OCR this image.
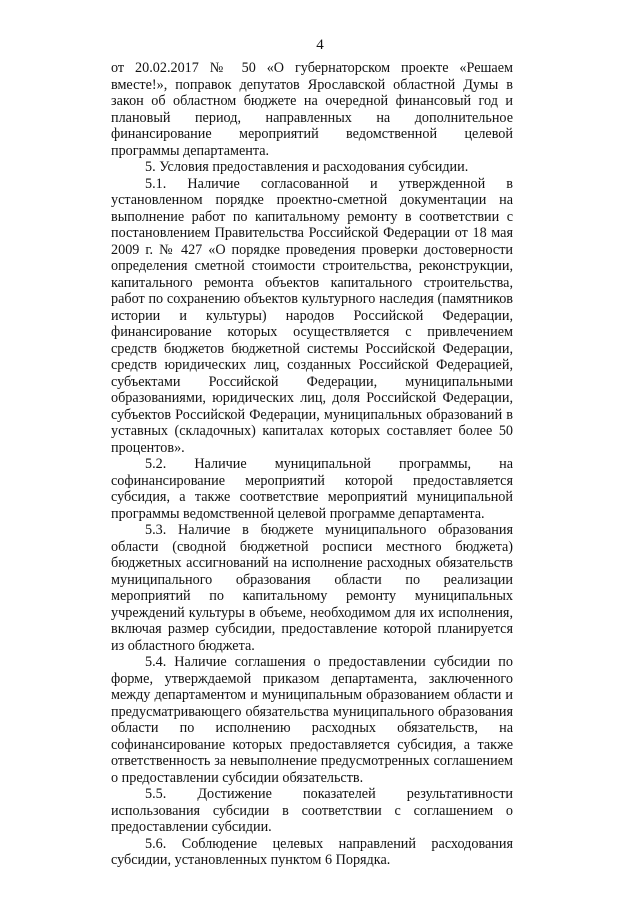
4

от 20.02.2017 № 50 «О губернаторском проекте «Решаем вместе!», поправок депутатов Ярославской областной Думы в закон об областном бюджете на очередной финансовый год и плановый период, направленных на дополнительное финансирование мероприятий ведомственной целевой программы департамента.

5. Условия предоставления и расходования субсидии.

5.1. Наличие согласованной и утвержденной в установленном порядке проектно-сметной документации на выполнение работ по капитальному ремонту в соответствии с постановлением Правительства Российской Федерации от 18 мая 2009 г. № 427 «О порядке проведения проверки достоверности определения сметной стоимости строительства, реконструкции, капитального ремонта объектов капитального строительства, работ по сохранению объектов культурного наследия (памятников истории и культуры) народов Российской Федерации, финансирование которых осуществляется с привлечением средств бюджетов бюджетной системы Российской Федерации, средств юридических лиц, созданных Российской Федерацией, субъектами Российской Федерации, муниципальными образованиями, юридических лиц, доля Российской Федерации, субъектов Российской Федерации, муниципальных образований в уставных (складочных) капиталах которых составляет более 50 процентов».

5.2. Наличие муниципальной программы, на софинансирование мероприятий которой предоставляется субсидия, а также соответствие мероприятий муниципальной программы ведомственной целевой программе департамента.

5.3. Наличие в бюджете муниципального образования области (сводной бюджетной росписи местного бюджета) бюджетных ассигнований на исполнение расходных обязательств муниципального образования области по реализации мероприятий по капитальному ремонту муниципальных учреждений культуры в объеме, необходимом для их исполнения, включая размер субсидии, предоставление которой планируется из областного бюджета.

5.4. Наличие соглашения о предоставлении субсидии по форме, утверждаемой приказом департамента, заключенного между департаментом и муниципальным образованием области и предусматривающего обязательства муниципального образования области по исполнению расходных обязательств, на софинансирование которых предоставляется субсидия, а также ответственность за невыполнение предусмотренных соглашением о предоставлении субсидии обязательств.

5.5. Достижение показателей результативности использования субсидии в соответствии с соглашением о предоставлении субсидии.

5.6. Соблюдение целевых направлений расходования субсидии, установленных пунктом 6 Порядка.
